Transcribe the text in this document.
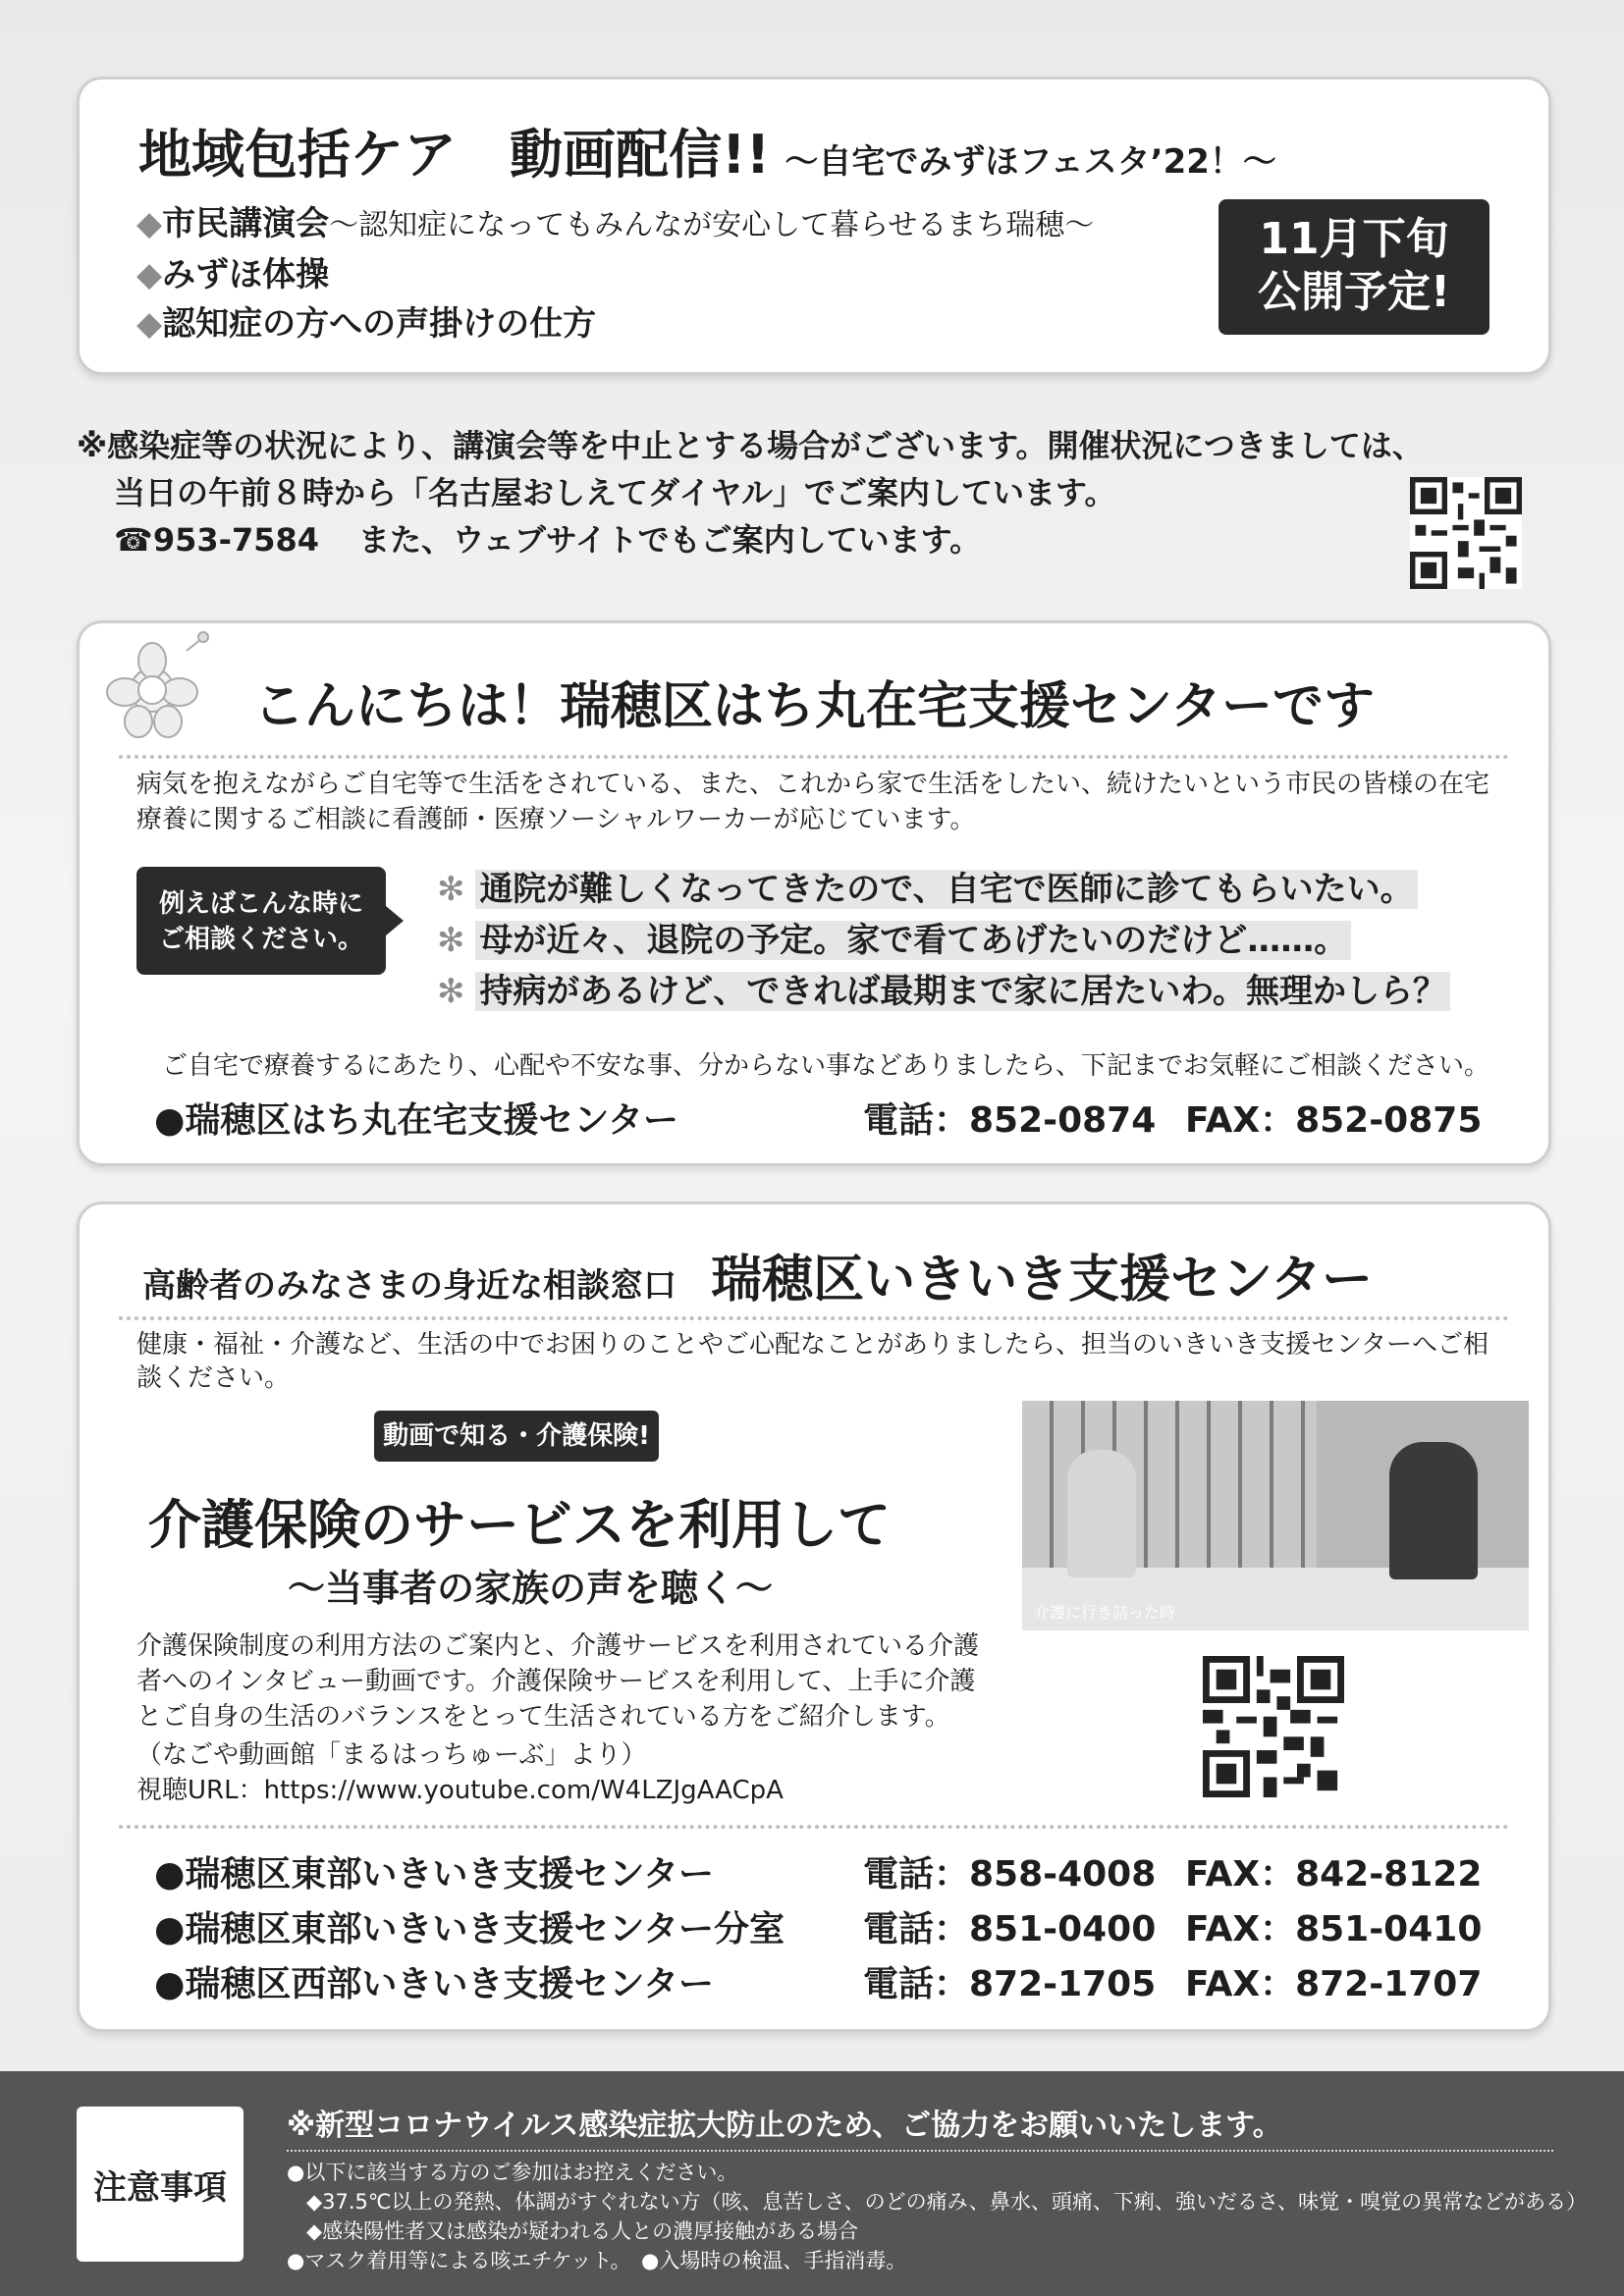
地域包括ケア　動画配信!! ～自宅でみずほフェスタ’22！～
◆市民講演会～認知症になってもみんなが安心して暮らせるまち瑞穂～
◆みずほ体操
◆認知症の方への声掛けの仕方
11月下旬
公開予定!
※感染症等の状況により、講演会等を中止とする場合がございます。開催状況につきましては、
当日の午前８時から「名古屋おしえてダイヤル」でご案内しています。
☎953-7584 また、ウェブサイトでもご案内しています。
こんにちは！瑞穂区はち丸在宅支援センターです
病気を抱えながらご自宅等で生活をされている、また、これから家で生活をしたい、続けたいという市民の皆様の在宅療養に関するご相談に看護師・医療ソーシャルワーカーが応じています。
例えばこんな時に
ご相談ください。
✻ 通院が難しくなってきたので、自宅で医師に診てもらいたい。
✻ 母が近々、退院の予定。家で看てあげたいのだけど……。
✻ 持病があるけど、できれば最期まで家に居たいわ。無理かしら？
ご自宅で療養するにあたり、心配や不安な事、分からない事などありましたら、下記までお気軽にご相談ください。
●瑞穂区はち丸在宅支援センター	電話：852-0874 FAX：852-0875
高齢者のみなさまの身近な相談窓口 瑞穂区いきいき支援センター
健康・福祉・介護など、生活の中でお困りのことやご心配なことがありましたら、担当のいきいき支援センターへご相談ください。
動画で知る・介護保険!
介護保険のサービスを利用して
～当事者の家族の声を聴く～
介護に行き詰った時
介護保険制度の利用方法のご案内と、介護サービスを利用されている介護者へのインタビュー動画です。介護保険サービスを利用して、上手に介護とご自身の生活のバランスをとって生活されている方をご紹介します。
（なごや動画館「まるはっちゅーぶ」より）
視聴URL：https://www.youtube.com/W4LZJgAACpA
●瑞穂区東部いきいき支援センター	電話：858-4008 FAX：842-8122
●瑞穂区東部いきいき支援センター分室 電話：851-0400 FAX：851-0410
●瑞穂区西部いきいき支援センター	電話：872-1705 FAX：872-1707
注意事項
※新型コロナウイルス感染症拡大防止のため、ご協力をお願いいたします。
●以下に該当する方のご参加はお控えください。
◆37.5℃以上の発熱、体調がすぐれない方（咳、息苦しさ、のどの痛み、鼻水、頭痛、下痢、強いだるさ、味覚・嗅覚の異常などがある）
◆感染陽性者又は感染が疑われる人との濃厚接触がある場合
●マスク着用等による咳エチケット。　●入場時の検温、手指消毒。
